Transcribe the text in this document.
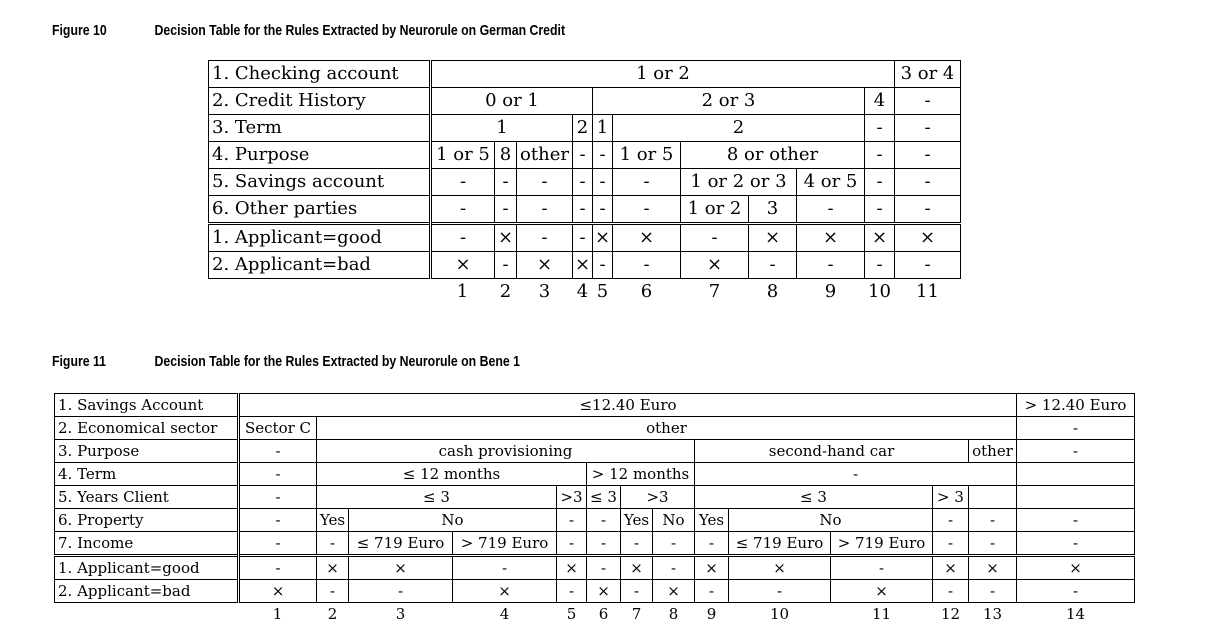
Figure 10	Decision Table for the Rules Extracted by Neurorule on German Credit
1. Checking account	1 or 2										3 or 4
2. Credit History	0 or 1				2 or 3					4	-
3. Term	1			2	1	2				-	-
4. Purpose	1 or 5	8	other	-	-	1 or 5	8 or other			-	-
5. Savings account	-	-	-	-	-	-	1 or 2 or 3		4 or 5	-	-
6. Other parties	-	-	-	-	-	-	1 or 2	3	-	-	-
1. Applicant=good	-	×	-	-	×	×	-	×	×	×	×
2. Applicant=bad	×	-	×	×	-	-	×	-	-	-	-
	1	2	3	4	5	6	7	8	9	10	11
Figure 11	Decision Table for the Rules Extracted by Neurorule on Bene 1
1. Savings Account	≤12.40 Euro													> 12.40 Euro
2. Economical sector	Sector C	other												-
3. Purpose	-	cash provisioning							second-hand car				other	-
4. Term	-	≤ 12 months				> 12 months			-					
5. Years Client	-	≤ 3			>3	≤ 3	>3		≤ 3			> 3		
6. Property	-	Yes	No		-	-	Yes	No	Yes	No		-	-	-
7. Income	-	-	≤ 719 Euro	> 719 Euro	-	-	-	-	-	≤ 719 Euro	> 719 Euro	-	-	-
1. Applicant=good	-	×	×	-	×	-	×	-	×	×	-	×	×	×
2. Applicant=bad	×	-	-	×	-	×	-	×	-	-	×	-	-	-
	1	2	3	4	5	6	7	8	9	10	11	12	13	14
